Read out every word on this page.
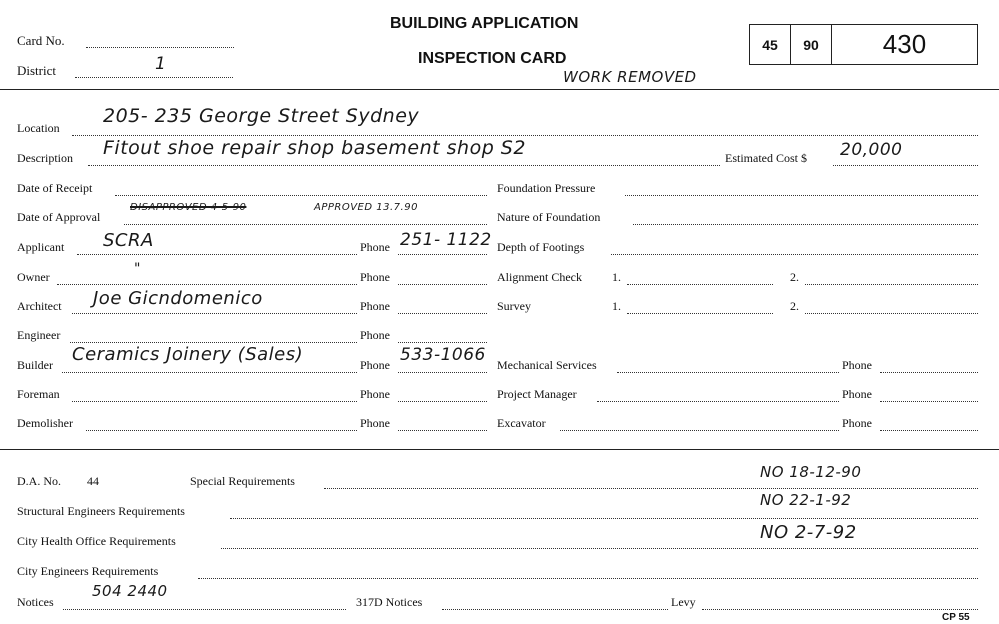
Card No.
District	1
BUILDING APPLICATION
INSPECTION CARD
WORK REMOVED
45	90	430
Location
205- 235 George Street Sydney
Description Fitout shoe repair shop basement shop S2	Estimated Cost $ 20,000
Date of Receipt
Date of Approval
DISAPPROVED 4-5-90	APPROVED 13.7.90
Applicant SCRA	Phone 251- 1122
Owner	"	Phone
Architect Joe Gicndomenico	Phone
Engineer	Phone
Builder Ceramics Joinery (Sales)	Phone 533-1066
Foreman	Phone
Demolisher	Phone
Foundation Pressure
Nature of Foundation
Depth of Footings
Alignment Check	1.	2.
Survey	1.	2.
Mechanical Services	Phone
Project Manager	Phone
Excavator	Phone
D.A. No. 44	Special Requirements	NO 18-12-90
Structural Engineers Requirements
NO 22-1-92
City Health Office Requirements	NO 2-7-92
City Engineers Requirements
Notices
504 2440
317D Notices	Levy
CP 55
